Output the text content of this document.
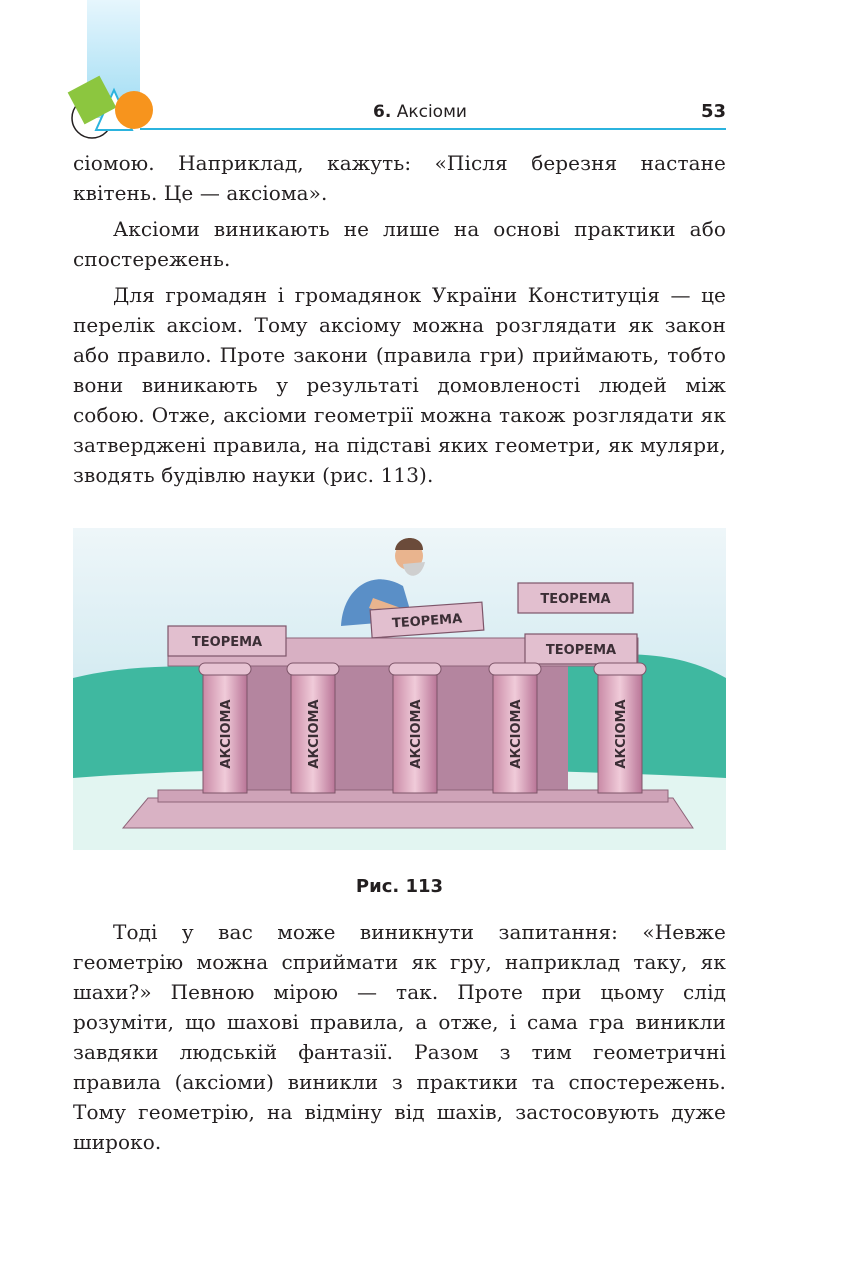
6. Аксіоми	53

сіомою. Наприклад, кажуть: «Після березня настане квітень. Це — аксіома».

Аксіоми виникають не лише на основі практики або спостережень.

Для громадян і громадянок України Конституція — це перелік аксіом. Тому аксіому можна розглядати як закон або правило. Проте закони (правила гри) приймають, тобто вони виникають у результаті домовленості людей між собою. Отже, аксіоми геометрії можна також розглядати як затверджені правила, на підставі яких геометри, як муляри, зводять будівлю науки (рис. 113).

ТЕОРЕМА
ТЕОРЕМА
ТЕОРЕМА
ТЕОРЕМА
АКСІОМА	АКСІОМА	АКСІОМА	АКСІОМА	АКСІОМА
Рис. 113

Тоді у вас може виникнути запитання: «Невже геометрію можна сприймати як гру, наприклад таку, як шахи?» Певною мірою — так. Проте при цьому слід розуміти, що шахові правила, а отже, і сама гра виникли завдяки людській фантазії. Разом з тим геометричні правила (аксіоми) виникли з практики та спостережень. Тому геометрію, на відміну від шахів, застосовують дуже широко.
